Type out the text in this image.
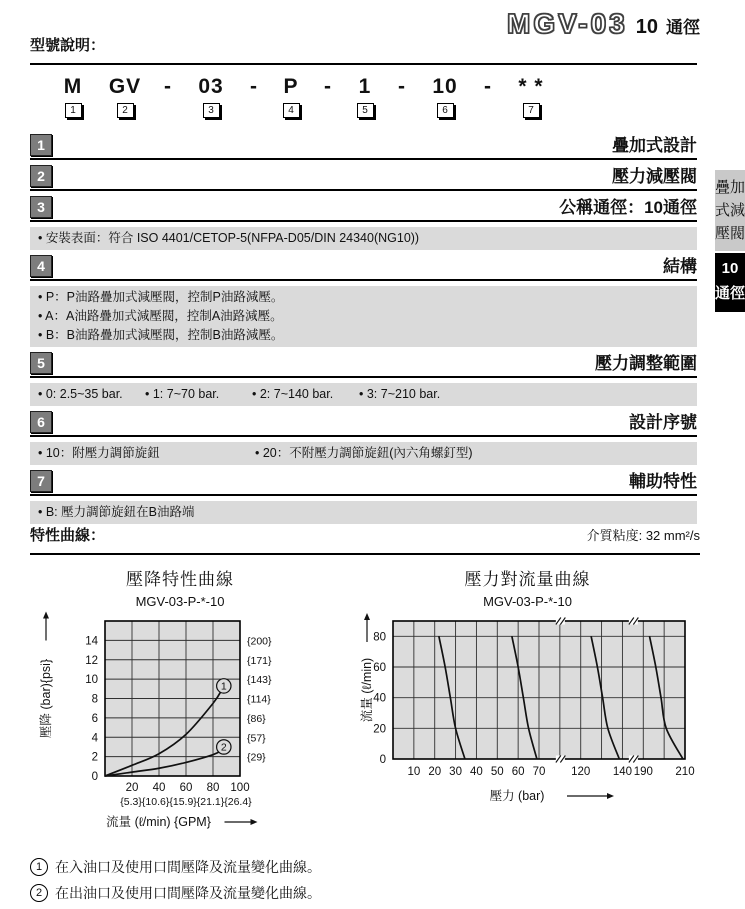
MGV-03 10 通徑
型號說明：
M
1
GV
2
- 03
3
- P
4
- 1
5
- 10
6
- * *
7
1	疊加式設計
2	壓力減壓閥
3	公稱通徑：10通徑
• 安裝表面：符合 ISO 4401/CETOP-5(NFPA-D05/DIN 24340(NG10))
4	結構
• P：P油路疊加式減壓閥，控制P油路減壓。
• A：A油路疊加式減壓閥，控制A油路減壓。
• B：B油路疊加式減壓閥，控制B油路減壓。
5	壓力調整範圍
• 0: 2.5~35 bar.	• 1: 7~70 bar.	• 2: 7~140 bar.	• 3: 7~210 bar.
6	設計序號
• 10：附壓力調節旋鈕	• 20：不附壓力調節旋鈕(內六角螺釘型)
7	輔助特性
• B: 壓力調節旋鈕在B油路端
疊加式減壓閥
10通徑
特性曲線：	介質粘度: 32 mm²/s
壓降特性曲線
MGV-03-P-*-10
1
2
0
2
4
6
8
10
12
14	{200}
{171}
{143}
{114}
{86}
{57}
{29}
20 40 60 80 100
{5.3}{10.6}{15.9}{21.1}{26.4}
流量 (ℓ/min) {GPM}
壓降 (bar){psi}
壓力對流量曲線
MGV-03-P-*-10
0
20
40
60
80
10 20 30 40 50 60 70 120 140 190 210
壓力 (bar)
流量 (ℓ/min)
1 在入油口及使用口間壓降及流量變化曲線。
2 在出油口及使用口間壓降及流量變化曲線。
